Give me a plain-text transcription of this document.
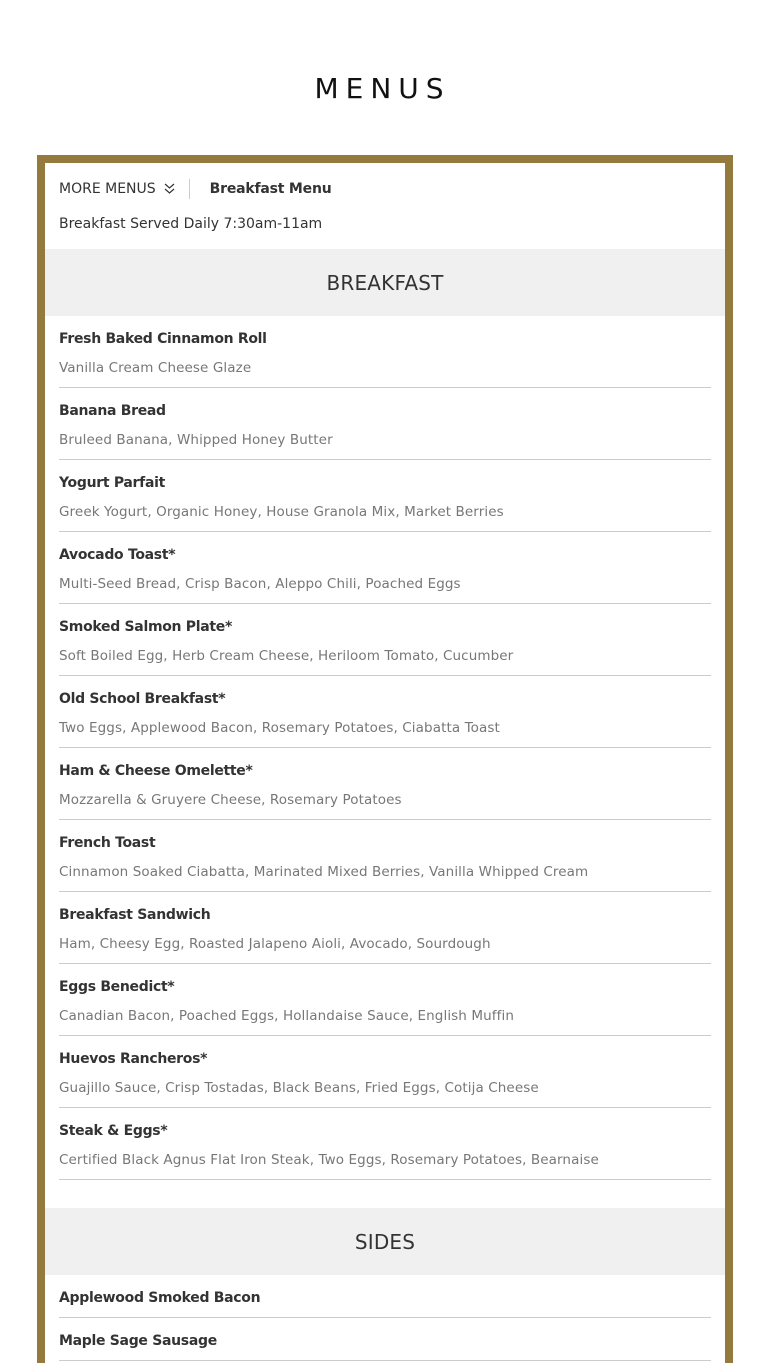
MENUS
MORE MENUS	Breakfast Menu
Breakfast Served Daily 7:30am-11am
BREAKFAST
Fresh Baked Cinnamon Roll
Vanilla Cream Cheese Glaze
Banana Bread
Bruleed Banana, Whipped Honey Butter
Yogurt Parfait
Greek Yogurt, Organic Honey, House Granola Mix, Market Berries
Avocado Toast*
Multi-Seed Bread, Crisp Bacon, Aleppo Chili, Poached Eggs
Smoked Salmon Plate*
Soft Boiled Egg, Herb Cream Cheese, Heriloom Tomato, Cucumber
Old School Breakfast*
Two Eggs, Applewood Bacon, Rosemary Potatoes, Ciabatta Toast
Ham & Cheese Omelette*
Mozzarella & Gruyere Cheese, Rosemary Potatoes
French Toast
Cinnamon Soaked Ciabatta, Marinated Mixed Berries, Vanilla Whipped Cream
Breakfast Sandwich
Ham, Cheesy Egg, Roasted Jalapeno Aioli, Avocado, Sourdough
Eggs Benedict*
Canadian Bacon, Poached Eggs, Hollandaise Sauce, English Muffin
Huevos Rancheros*
Guajillo Sauce, Crisp Tostadas, Black Beans, Fried Eggs, Cotija Cheese
Steak & Eggs*
Certified Black Agnus Flat Iron Steak, Two Eggs, Rosemary Potatoes, Bearnaise
SIDES
Applewood Smoked Bacon
Maple Sage Sausage
